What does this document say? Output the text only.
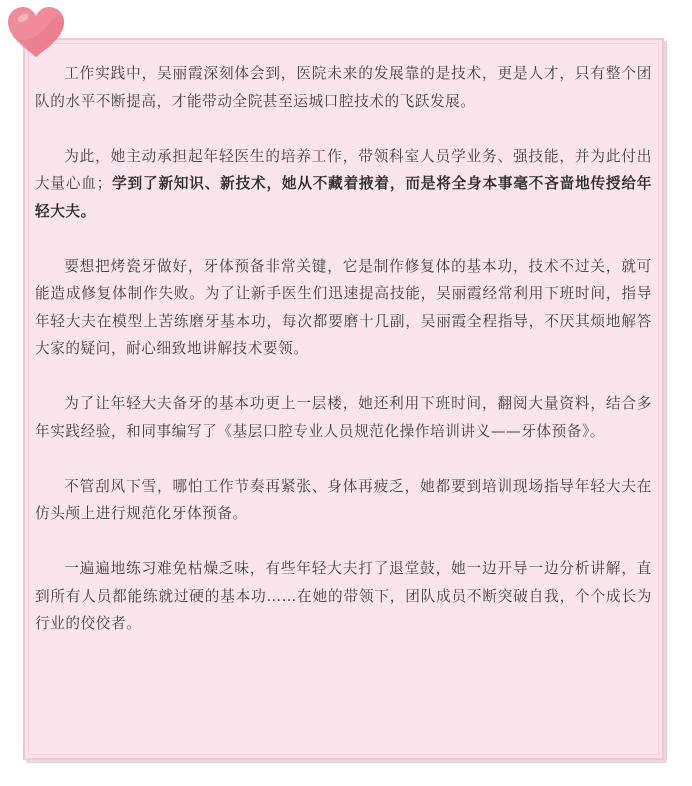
工作实践中，吴丽霞深刻体会到，医院未来的发展靠的是技术，更是人才，只有整个团队的水平不断提高，才能带动全院甚至运城口腔技术的飞跃发展。

为此，她主动承担起年轻医生的培养工作，带领科室人员学业务、强技能，并为此付出大量心血；学到了新知识、新技术，她从不藏着掖着，而是将全身本事毫不吝啬地传授给年轻大夫。

要想把烤瓷牙做好，牙体预备非常关键，它是制作修复体的基本功，技术不过关，就可能造成修复体制作失败。为了让新手医生们迅速提高技能，吴丽霞经常利用下班时间，指导年轻大夫在模型上苦练磨牙基本功，每次都要磨十几副，吴丽霞全程指导，不厌其烦地解答大家的疑问，耐心细致地讲解技术要领。

为了让年轻大夫备牙的基本功更上一层楼，她还利用下班时间，翻阅大量资料，结合多年实践经验，和同事编写了《基层口腔专业人员规范化操作培训讲义——牙体预备》。

不管刮风下雪，哪怕工作节奏再紧张、身体再疲乏，她都要到培训现场指导年轻大夫在仿头颅上进行规范化牙体预备。

一遍遍地练习难免枯燥乏味，有些年轻大夫打了退堂鼓，她一边开导一边分析讲解，直到所有人员都能练就过硬的基本功……在她的带领下，团队成员不断突破自我，个个成长为行业的佼佼者。
